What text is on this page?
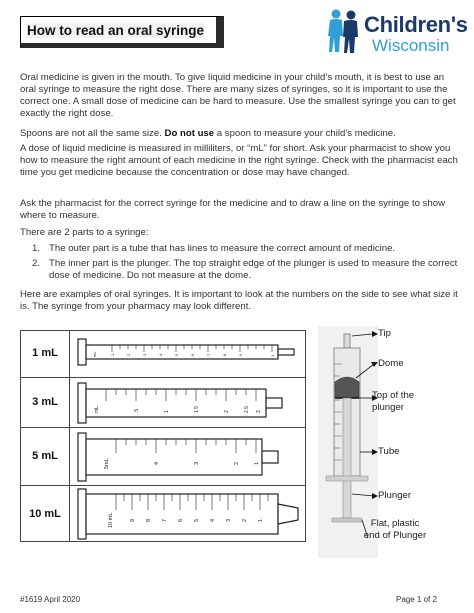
How to read an oral syringe	Children's
Wisconsin

Oral medicine is given in the mouth. To give liquid medicine in your child’s mouth, it is best to use an oral syringe to measure the right dose. There are many sizes of syringes, so it is important to use the correct one. A small dose of medicine can be hard to measure. Use the smallest syringe you can to get exactly the right dose.

Spoons are not all the same size. Do not use a spoon to measure your child’s medicine.

A dose of liquid medicine is measured in milliliters, or “mL” for short. Ask your pharmacist to show you how to measure the right amount of each medicine in the right syringe. Check with the pharmacist each time you get medicine because the concentration or dose may have changed.

Ask the pharmacist for the correct syringe for the medicine and to draw a line on the syringe to show where to measure.

There are 2 parts to a syringe:

1. The outer part is a tube that has lines to measure the correct amount of medicine.
2. The inner part is the plunger. The top straight edge of the plunger is used to measure the correct dose of medicine. Do not measure at the dome.

Here are examples of oral syringes. It is important to look at the numbers on the side to see what size it is. The syringe from your pharmacy may look different.

1 mL	mL	.1	.2	.3	.4	.5	.6	.7	.8	.9	1
3 mL
mL	.5	1	1.5	2	2.5 3
5 mL
5mL	4	3	2	1
10 mL	10 mL	9 8 7 6 5 4 3 2 1
Tip
Dome
Top of the plunger
Tube
Plunger
Flat, plastic end of Plunger
#1619 April 2020	Page 1 of 2
